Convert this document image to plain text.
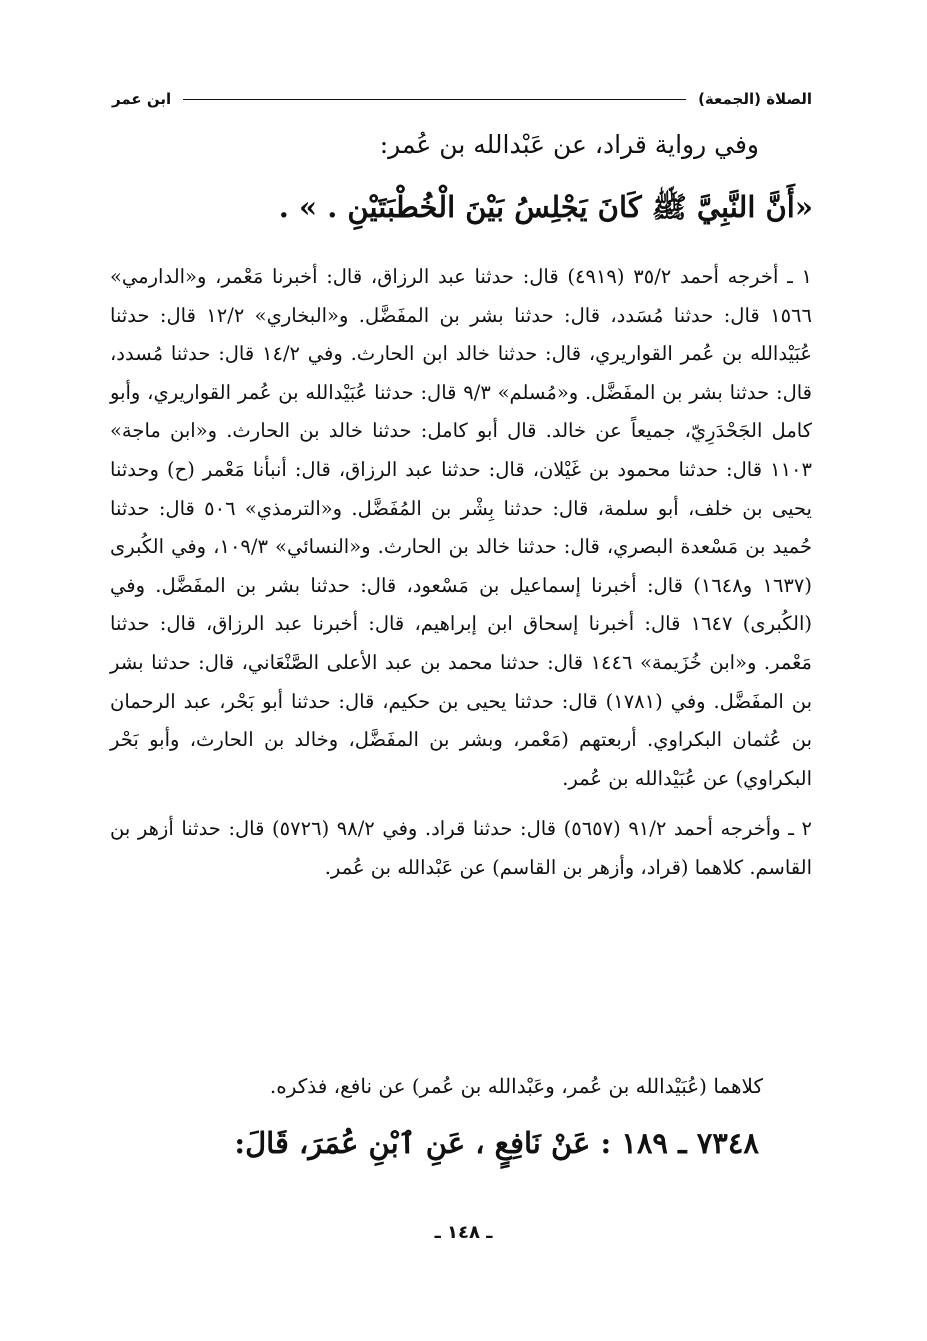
الصلاة (الجمعة)
ابن عمر
وفي رواية قراد، عن عَبْدالله بن عُمر:
«أَنَّ النَّبِيَّ ﷺ كَانَ يَجْلِسُ بَيْنَ الْخُطْبَتَيْنِ . » .
١ ـ أخرجه أحمد ٣٥/٢ (٤٩١٩) قال: حدثنا عبد الرزاق، قال: أخبرنا مَعْمر، و«الدارمي» ١٥٦٦ قال: حدثنا مُسَدد، قال: حدثنا بشر بن المفَضَّل. و«البخاري» ١٢/٢ قال: حدثنا عُبَيْدالله بن عُمر القواريري، قال: حدثنا خالد ابن الحارث. وفي ١٤/٢ قال: حدثنا مُسدد، قال: حدثنا بشر بن المفَضَّل. و«مُسلم» ٩/٣ قال: حدثنا عُبَيْدالله بن عُمر القواريري، وأبو كامل الجَحْدَرِيّ، جميعاً عن خالد. قال أبو كامل: حدثنا خالد بن الحارث. و«ابن ماجة» ١١٠٣ قال: حدثنا محمود بن غَيْلان، قال: حدثنا عبد الرزاق، قال: أنبأنا مَعْمر (ح) وحدثنا يحيى بن خلف، أبو سلمة، قال: حدثنا بِشْر بن المُفَضَّل. و«الترمذي» ٥٠٦ قال: حدثنا حُميد بن مَسْعدة البصري، قال: حدثنا خالد بن الحارث. و«النسائي» ١٠٩/٣، وفي الكُبرى (١٦٣٧ و١٦٤٨) قال: أخبرنا إسماعيل بن مَسْعود، قال: حدثنا بشر بن المفَضَّل. وفي (الكُبرى) ١٦٤٧ قال: أخبرنا إسحاق ابن إبراهيم، قال: أخبرنا عبد الرزاق، قال: حدثنا مَعْمر. و«ابن خُزَيمة» ١٤٤٦ قال: حدثنا محمد بن عبد الأعلى الصَّنْعَاني، قال: حدثنا بشر بن المفَضَّل. وفي (١٧٨١) قال: حدثنا يحيى بن حكيم، قال: حدثنا أبو بَحْر، عبد الرحمان بن عُثمان البكراوي. أربعتهم (مَعْمر، وبشر بن المفَضَّل، وخالد بن الحارث، وأبو بَحْر البكراوي) عن عُبَيْدالله بن عُمر.
٢ ـ وأخرجه أحمد ٩١/٢ (٥٦٥٧) قال: حدثنا قراد. وفي ٩٨/٢ (٥٧٢٦) قال: حدثنا أزهر بن القاسم. كلاهما (قراد، وأزهر بن القاسم) عن عَبْدالله بن عُمر.
كلاهما (عُبَيْدالله بن عُمر، وعَبْدالله بن عُمر) عن نافع، فذكره.
٧٣٤٨ ـ ١٨٩ : عَنْ نَافِعٍ ، عَنِ ٱبْنِ عُمَرَ، قَالَ:
ـ ١٤٨ ـ
